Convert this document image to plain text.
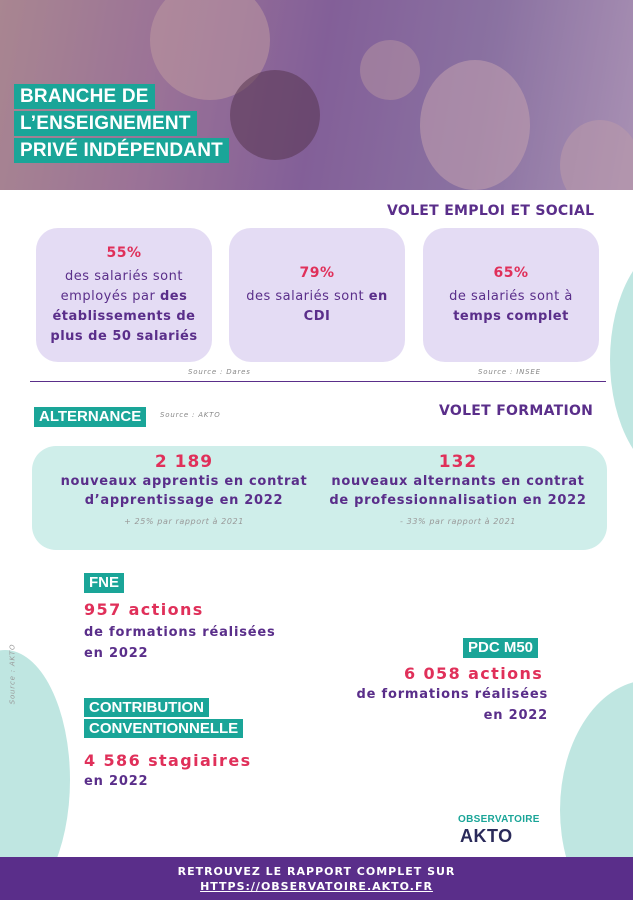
BRANCHE DE
L’ENSEIGNEMENT
PRIVÉ INDÉPENDANT
VOLET EMPLOI ET SOCIAL
55%
des salariés sont employés par des établissements de plus de 50 salariés
79%
des salariés sont en CDI
65%
de salariés sont à temps complet
Source : Dares	Source : INSEE
ALTERNANCE	Source : AKTO	VOLET FORMATION
2 189
nouveaux apprentis en contrat d’apprentissage en 2022
+ 25% par rapport à 2021
132
nouveaux alternants en contrat de professionnalisation en 2022
- 33% par rapport à 2021
FNE
957 actions
de formations réalisées
en 2022	PDC M50
6 058 actions
de formations réalisées
en 2022
CONTRIBUTION
CONVENTIONNELLE
4 586 stagiaires
en 2022
Source : AKTO
OBSERVATOIRE
AKTO
RETROUVEZ LE RAPPORT COMPLET SUR
HTTPS://OBSERVATOIRE.AKTO.FR
